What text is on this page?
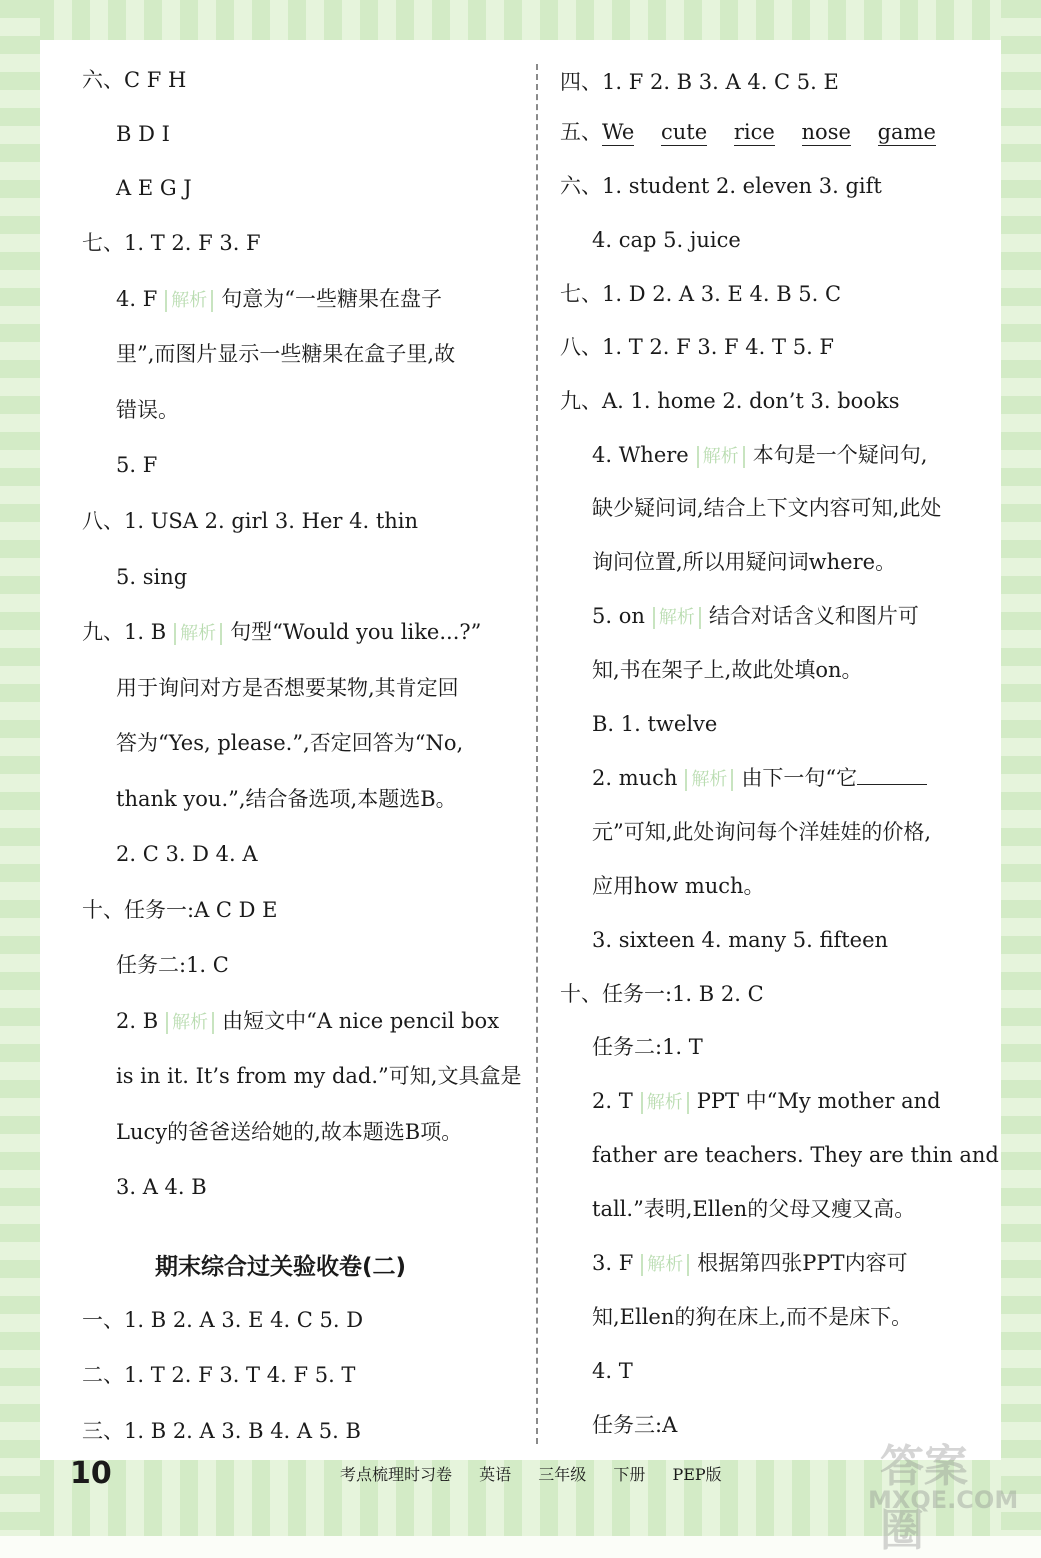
六、C F H
B D I
A E G J
七、1. T 2. F 3. F
4. F 解析 句意为“一些糖果在盘子
里”,而图片显示一些糖果在盒子里,故
错误。
5. F
八、1. USA 2. girl 3. Her 4. thin
5. sing
九、1. B 解析 句型“Would you like...?”
用于询问对方是否想要某物,其肯定回
答为“Yes, please.”,否定回答为“No,
thank you.”,结合备选项,本题选B。
2. C 3. D 4. A
十、任务一:A C D E
任务二:1. C
2. B 解析 由短文中“A nice pencil box
is in it. It’s from my dad.”可知,文具盒是
Lucy的爸爸送给她的,故本题选B项。
3. A 4. B
期末综合过关验收卷(二)
一、1. B 2. A 3. E 4. C 5. D
二、1. T 2. F 3. T 4. F 5. T
三、1. B 2. A 3. B 4. A 5. B
四、1. F 2. B 3. A 4. C 5. E
五、We cute rice nose game
六、1. student 2. eleven 3. gift
4. cap 5. juice
七、1. D 2. A 3. E 4. B 5. C
八、1. T 2. F 3. F 4. T 5. F
九、A. 1. home 2. don’t 3. books
4. Where 解析 本句是一个疑问句,
缺少疑问词,结合上下文内容可知,此处
询问位置,所以用疑问词where。
5. on 解析 结合对话含义和图片可
知,书在架子上,故此处填on。
B. 1. twelve
2. much 解析 由下一句“它
元”可知,此处询问每个洋娃娃的价格,
应用how much。
3. sixteen 4. many 5. fifteen
十、任务一:1. B 2. C
任务二:1. T
2. T 解析 PPT 中“My mother and
father are teachers. They are thin and
tall.”表明,Ellen的父母又瘦又高。
3. F 解析 根据第四张PPT内容可
知,Ellen的狗在床上,而不是床下。
4. T
任务三:A
10	考点梳理时习卷 英语 三年级 下册 PEP版	答案圈
MXQE.COM
